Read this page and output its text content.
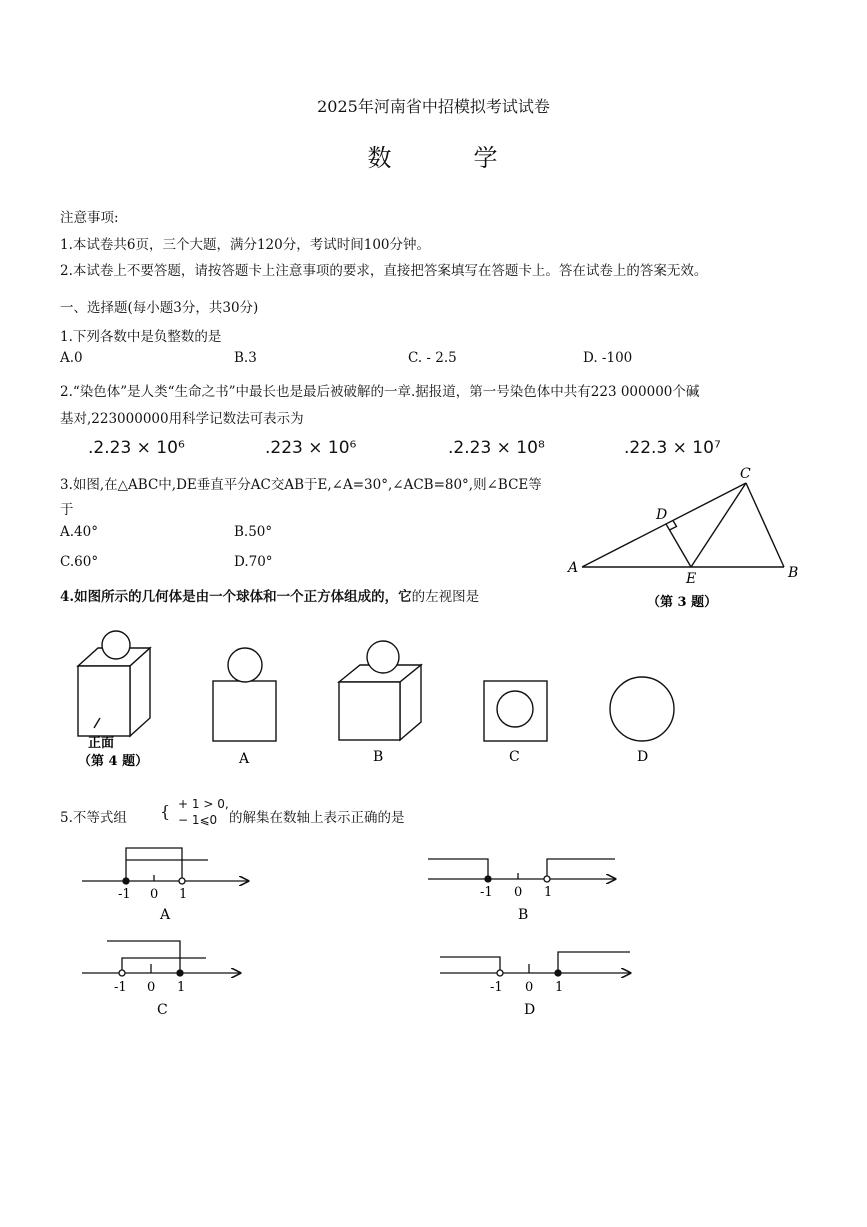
2025年河南省中招模拟考试试卷
数	学
注意事项:
1.本试卷共6页，三个大题，满分120分，考试时间100分钟。
2.本试卷上不要答题，请按答题卡上注意事项的要求，直接把答案填写在答题卡上。答在试卷上的答案无效。
一、选择题(每小题3分，共30分)
1.下列各数中是负整数的是
A.0	B.3	C. - 2.5	D. -100
2.“染色体”是人类“生命之书”中最长也是最后被破解的一章.据报道，第一号染色体中共有223 000000个碱
基对,223000000用科学记数法可表示为
.2.23 × 10⁶	.223 × 10⁶	.2.23 × 10⁸	.22.3 × 10⁷
3.如图,在△ABC中,DE垂直平分AC交AB于E,∠A=30°,∠ACB=80°,则∠BCE等
于
A.40°	B.50°
C.60°	D.70°	A	B
C
D
E
（第 3 题）
4.如图所示的几何体是由一个球体和一个正方体组成的，它的左视图是
正面
（第 4 题）	A	B	C	D
5.不等式组 { + 1 > 0,
− 1⩽0 的解集在数轴上表示正确的是
-1 0 1	-1 0 1
-1 0 1	-1 0 1
A	B
C	D
